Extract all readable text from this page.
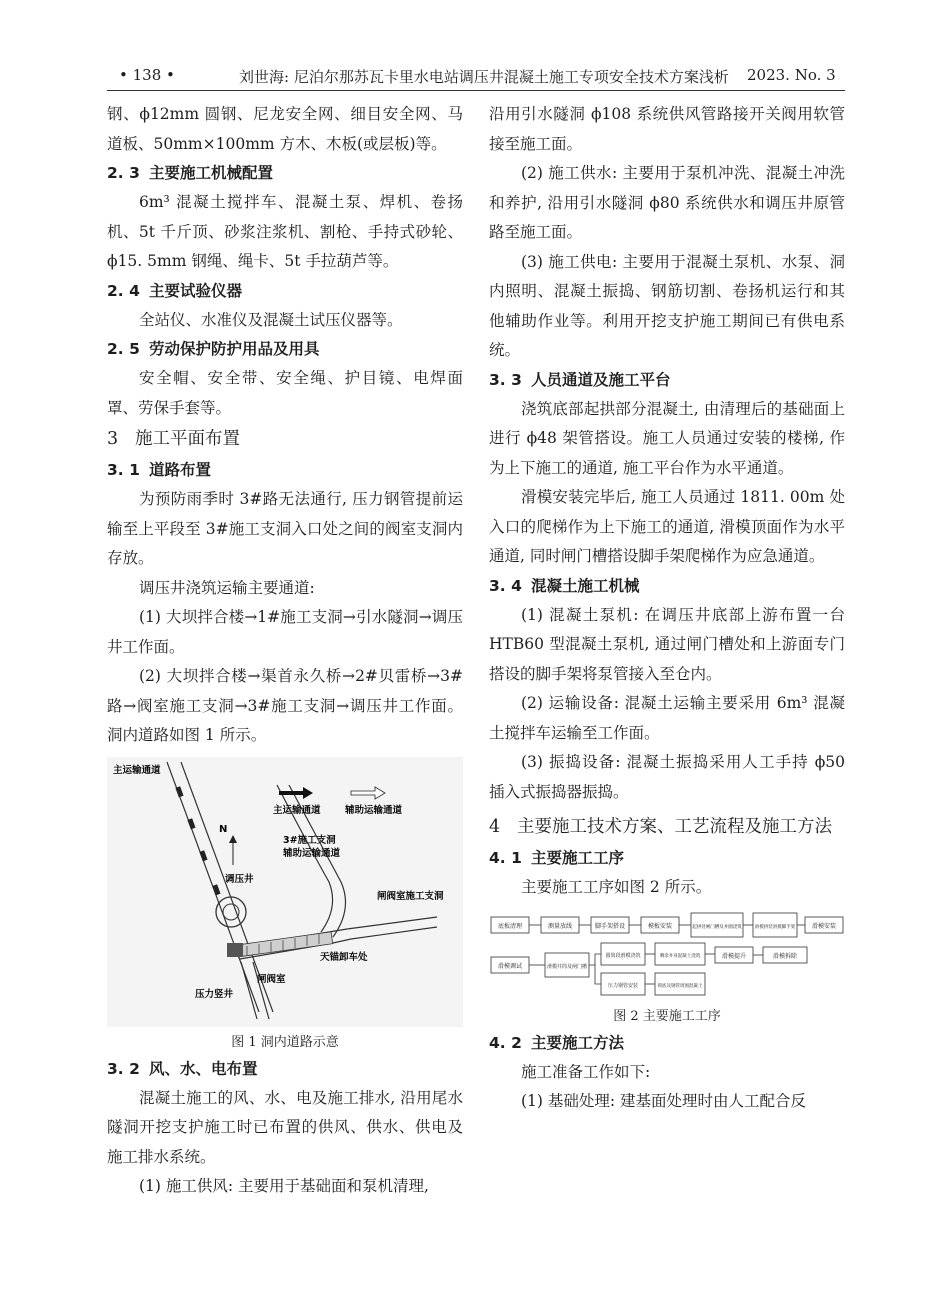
• 138 •	刘世海: 尼泊尔那苏瓦卡里水电站调压井混凝土施工专项安全技术方案浅析 2023. No. 3

钢、ϕ12mm 圆钢、尼龙安全网、细目安全网、马道板、50mm×100mm 方木、木板(或层板)等。

2. 3 主要施工机械配置

6m³ 混凝土搅拌车、混凝土泵、焊机、卷扬机、5t 千斤顶、砂浆注浆机、割枪、手持式砂轮、ϕ15. 5mm 钢绳、绳卡、5t 手拉葫芦等。

2. 4 主要试验仪器

全站仪、水准仪及混凝土试压仪器等。

2. 5 劳动保护防护用品及用具

安全帽、安全带、安全绳、护目镜、电焊面罩、劳保手套等。

3 施工平面布置
3. 1 道路布置

为预防雨季时 3#路无法通行, 压力钢管提前运输至上平段至 3#施工支洞入口处之间的阀室支洞内存放。

调压井浇筑运输主要通道:

(1) 大坝拌合楼→1#施工支洞→引水隧洞→调压井工作面。

(2) 大坝拌合楼→渠首永久桥→2#贝雷桥→3#路→阀室施工支洞→3#施工支洞→调压井工作面。洞内道路如图 1 所示。

主运输通道
主运输通道	辅助运输通道
N
3#施工支洞
辅助运输通道
调压井
闸阀室施工支洞
天锚卸车处
闸阀室
压力竖井
图 1 洞内道路示意
3. 2 风、水、电布置

混凝土施工的风、水、电及施工排水, 沿用尾水隧洞开挖支护施工时已布置的供风、供水、供电及施工排水系统。

(1) 施工供风: 主要用于基础面和泵机清理,

沿用引水隧洞 ϕ108 系统供风管路接开关阀用软管接至施工面。

(2) 施工供水: 主要用于泵机冲洗、混凝土冲洗和养护, 沿用引水隧洞 ϕ80 系统供水和调压井原管路至施工面。

(3) 施工供电: 主要用于混凝土泵机、水泵、洞内照明、混凝土振捣、钢筋切割、卷扬机运行和其他辅助作业等。利用开挖支护施工期间已有供电系统。

3. 3 人员通道及施工平台

浇筑底部起拱部分混凝土, 由清理后的基础面上进行 ϕ48 架管搭设。施工人员通过安装的楼梯, 作为上下施工的通道, 施工平台作为水平通道。

滑模安装完毕后, 施工人员通过 1811. 00m 处入口的爬梯作为上下施工的通道, 滑模顶面作为水平通道, 同时闸门槽搭设脚手架爬梯作为应急通道。

3. 4 混凝土施工机械

(1) 混凝土泵机: 在调压井底部上游布置一台 HTB60 型混凝土泵机, 通过闸门槽处和上游面专门搭设的脚手架将泵管接入至仓内。

(2) 运输设备: 混凝土运输主要采用 6m³ 混凝土搅拌车运输至工作面。

(3) 振捣设备: 混凝土振捣采用人工手持 ϕ50 插入式振捣器振捣。

4 主要施工技术方案、工艺流程及施工方法
4. 1 主要施工工序

主要施工工序如图 2 所示。

底板清理	测量放线	脚手架搭设	模板安装	起拱处闸门槽及井圈浇筑	滑模拼装滑模脚手架	滑模安装
滑模调试	滑模井筒及闸门槽
圆筒段滑模浇筑	剩余井身混凝土浇筑	滑模提升	滑模拆除
压力钢管安装	锁底及钢管周围混凝土
图 2 主要施工工序
4. 2 主要施工方法

施工准备工作如下:

(1) 基础处理: 建基面处理时由人工配合反
